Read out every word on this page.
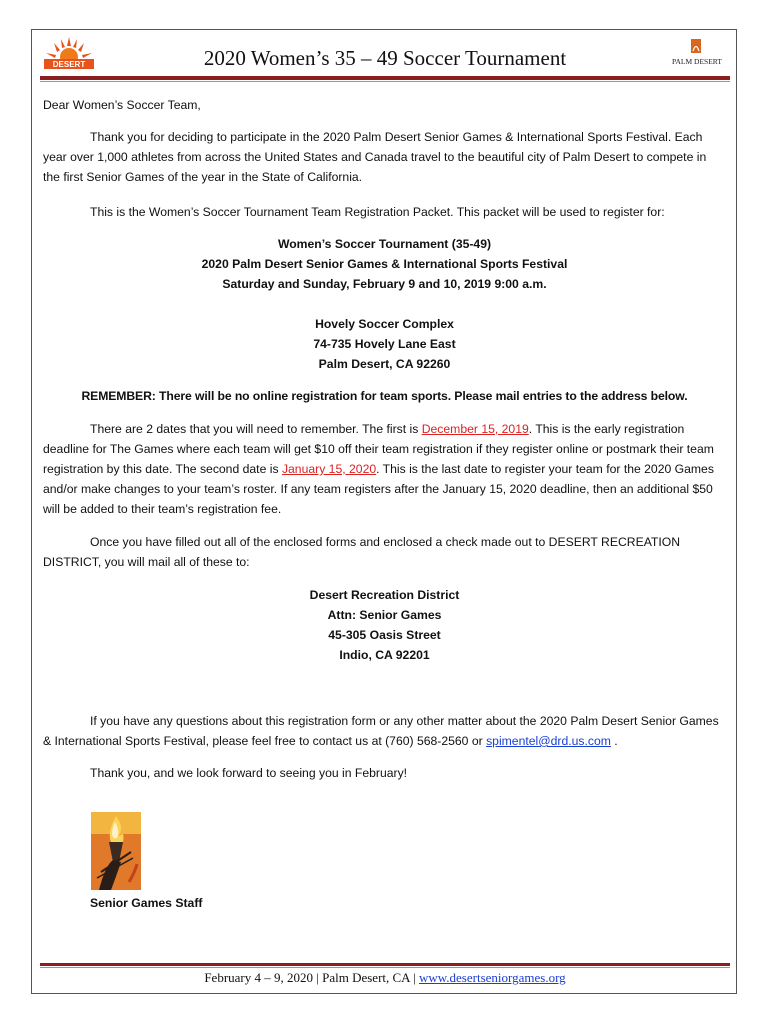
DESERT	PALM DESERT
2020 Women’s 35 – 49 Soccer Tournament

Dear Women’s Soccer Team,

Thank you for deciding to participate in the 2020 Palm Desert Senior Games & International Sports Festival. Each year over 1,000 athletes from across the United States and Canada travel to the beautiful city of Palm Desert to compete in the first Senior Games of the year in the State of California.

This is the Women’s Soccer Tournament Team Registration Packet. This packet will be used to register for:

Women’s Soccer Tournament (35-49)
2020 Palm Desert Senior Games & International Sports Festival
Saturday and Sunday, February 9 and 10, 2019 9:00 a.m.
Hovely Soccer Complex
74-735 Hovely Lane East
Palm Desert, CA 92260

REMEMBER: There will be no online registration for team sports. Please mail entries to the address below.

There are 2 dates that you will need to remember. The first is December 15, 2019. This is the early registration deadline for The Games where each team will get $10 off their team registration if they register online or postmark their team registration by this date. The second date is January 15, 2020. This is the last date to register your team for the 2020 Games and/or make changes to your team’s roster. If any team registers after the January 15, 2020 deadline, then an additional $50 will be added to their team’s registration fee.

Once you have filled out all of the enclosed forms and enclosed a check made out to DESERT RECREATION DISTRICT, you will mail all of these to:

Desert Recreation District
Attn: Senior Games
45-305 Oasis Street
Indio, CA 92201

If you have any questions about this registration form or any other matter about the 2020 Palm Desert Senior Games & International Sports Festival, please feel free to contact us at (760) 568-2560 or spimentel@drd.us.com .

Thank you, and we look forward to seeing you in February!

Senior Games Staff
February 4 – 9, 2020 | Palm Desert, CA | www.desertseniorgames.org
